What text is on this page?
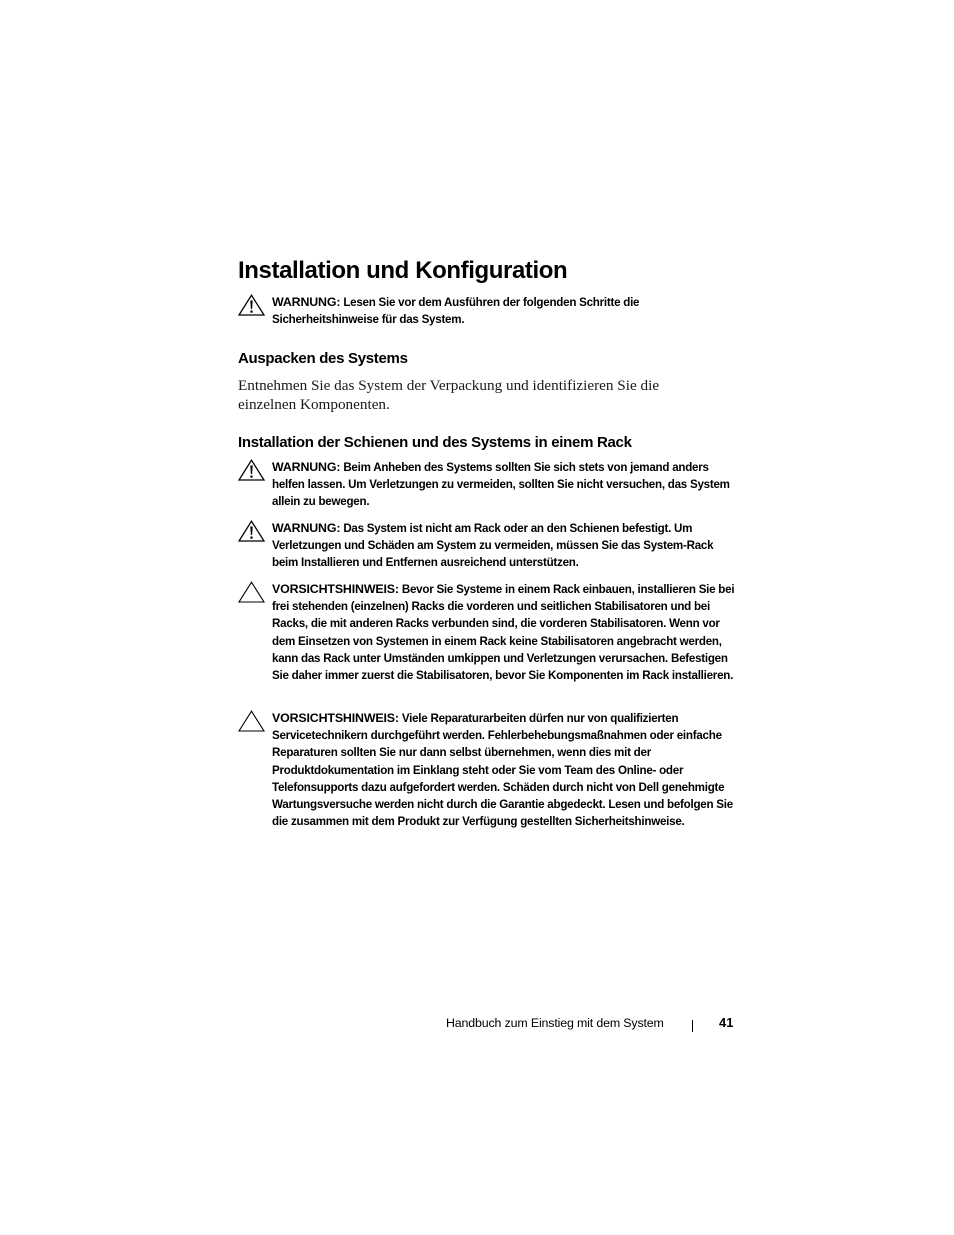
Installation und Konfiguration
WARNUNG: Lesen Sie vor dem Ausführen der folgenden Schritte die Sicherheitshinweise für das System.
Auspacken des Systems

Entnehmen Sie das System der Verpackung und identifizieren Sie die einzelnen Komponenten.

Installation der Schienen und des Systems in einem Rack
WARNUNG: Beim Anheben des Systems sollten Sie sich stets von jemand anders helfen lassen. Um Verletzungen zu vermeiden, sollten Sie nicht versuchen, das System allein zu bewegen.
WARNUNG: Das System ist nicht am Rack oder an den Schienen befestigt. Um Verletzungen und Schäden am System zu vermeiden, müssen Sie das System-Rack beim Installieren und Entfernen ausreichend unterstützen.
VORSICHTSHINWEIS: Bevor Sie Systeme in einem Rack einbauen, installieren Sie bei frei stehenden (einzelnen) Racks die vorderen und seitlichen Stabilisatoren und bei Racks, die mit anderen Racks verbunden sind, die vorderen Stabilisatoren. Wenn vor dem Einsetzen von Systemen in einem Rack keine Stabilisatoren angebracht werden, kann das Rack unter Umständen umkippen und Verletzungen verursachen. Befestigen Sie daher immer zuerst die Stabilisatoren, bevor Sie Komponenten im Rack installieren.
VORSICHTSHINWEIS: Viele Reparaturarbeiten dürfen nur von qualifizierten Servicetechnikern durchgeführt werden. Fehlerbehebungsmaßnahmen oder einfache Reparaturen sollten Sie nur dann selbst übernehmen, wenn dies mit der Produktdokumentation im Einklang steht oder Sie vom Team des Online- oder Telefonsupports dazu aufgefordert werden. Schäden durch nicht von Dell genehmigte Wartungsversuche werden nicht durch die Garantie abgedeckt. Lesen und befolgen Sie die zusammen mit dem Produkt zur Verfügung gestellten Sicherheitshinweise.
Handbuch zum Einstieg mit dem System	41
